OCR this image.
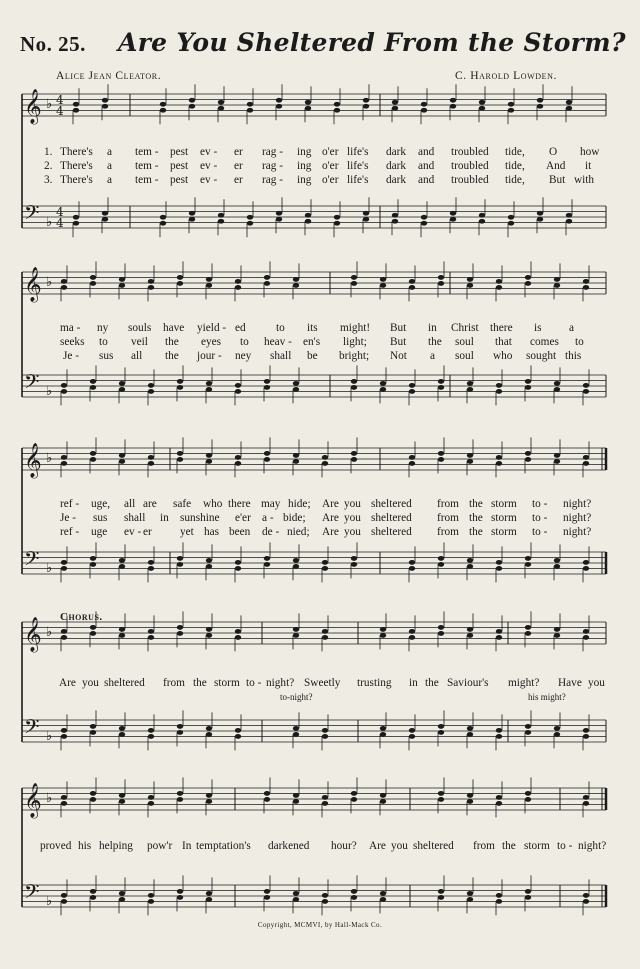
No. 25. Are You Sheltered From the Storm?
Alice Jean Cleator.	C. Harold Lowden.
𝄞 ♭ 4
4
𝄢 ♭
4
4
𝄞 ♭
𝄢 ♭
𝄞 ♭
𝄢 ♭
𝄞 ♭
𝄢 ♭
𝄞 ♭
𝄢 ♭
1. There's a tem - pest ev - er rag - ing o'er life's dark and troubled tide, O how
2. There's a tem - pest ev - er rag - ing o'er life's dark and troubled tide, And it
3. There's a tem - pest ev - er rag - ing o'er life's dark and troubled tide, But with
ma - ny souls have yield - ed	to its might! But in Christ there is a
seeks to veil the eyes to heav - en's light; But the soul that comes to
Je - sus all the jour - ney shall be bright; Not a soul who sought this
ref - uge, all are safe who there may hide; Are you sheltered from the storm to - night?
Je - sus shall in sunshine e'er a - bide; Are you sheltered from the storm to - night?
ref - uge ev - er yet has been de - nied; Are you sheltered from the storm to - night?
Chorus.
Are you sheltered from the storm to - night? Sweetly trusting in the Saviour's might? Have you
to-night?	his might?
proved his helping pow'r In temptation's darkened hour? Are you sheltered from the storm to - night?
Copyright, MCMVI, by Hall-Mack Co.
